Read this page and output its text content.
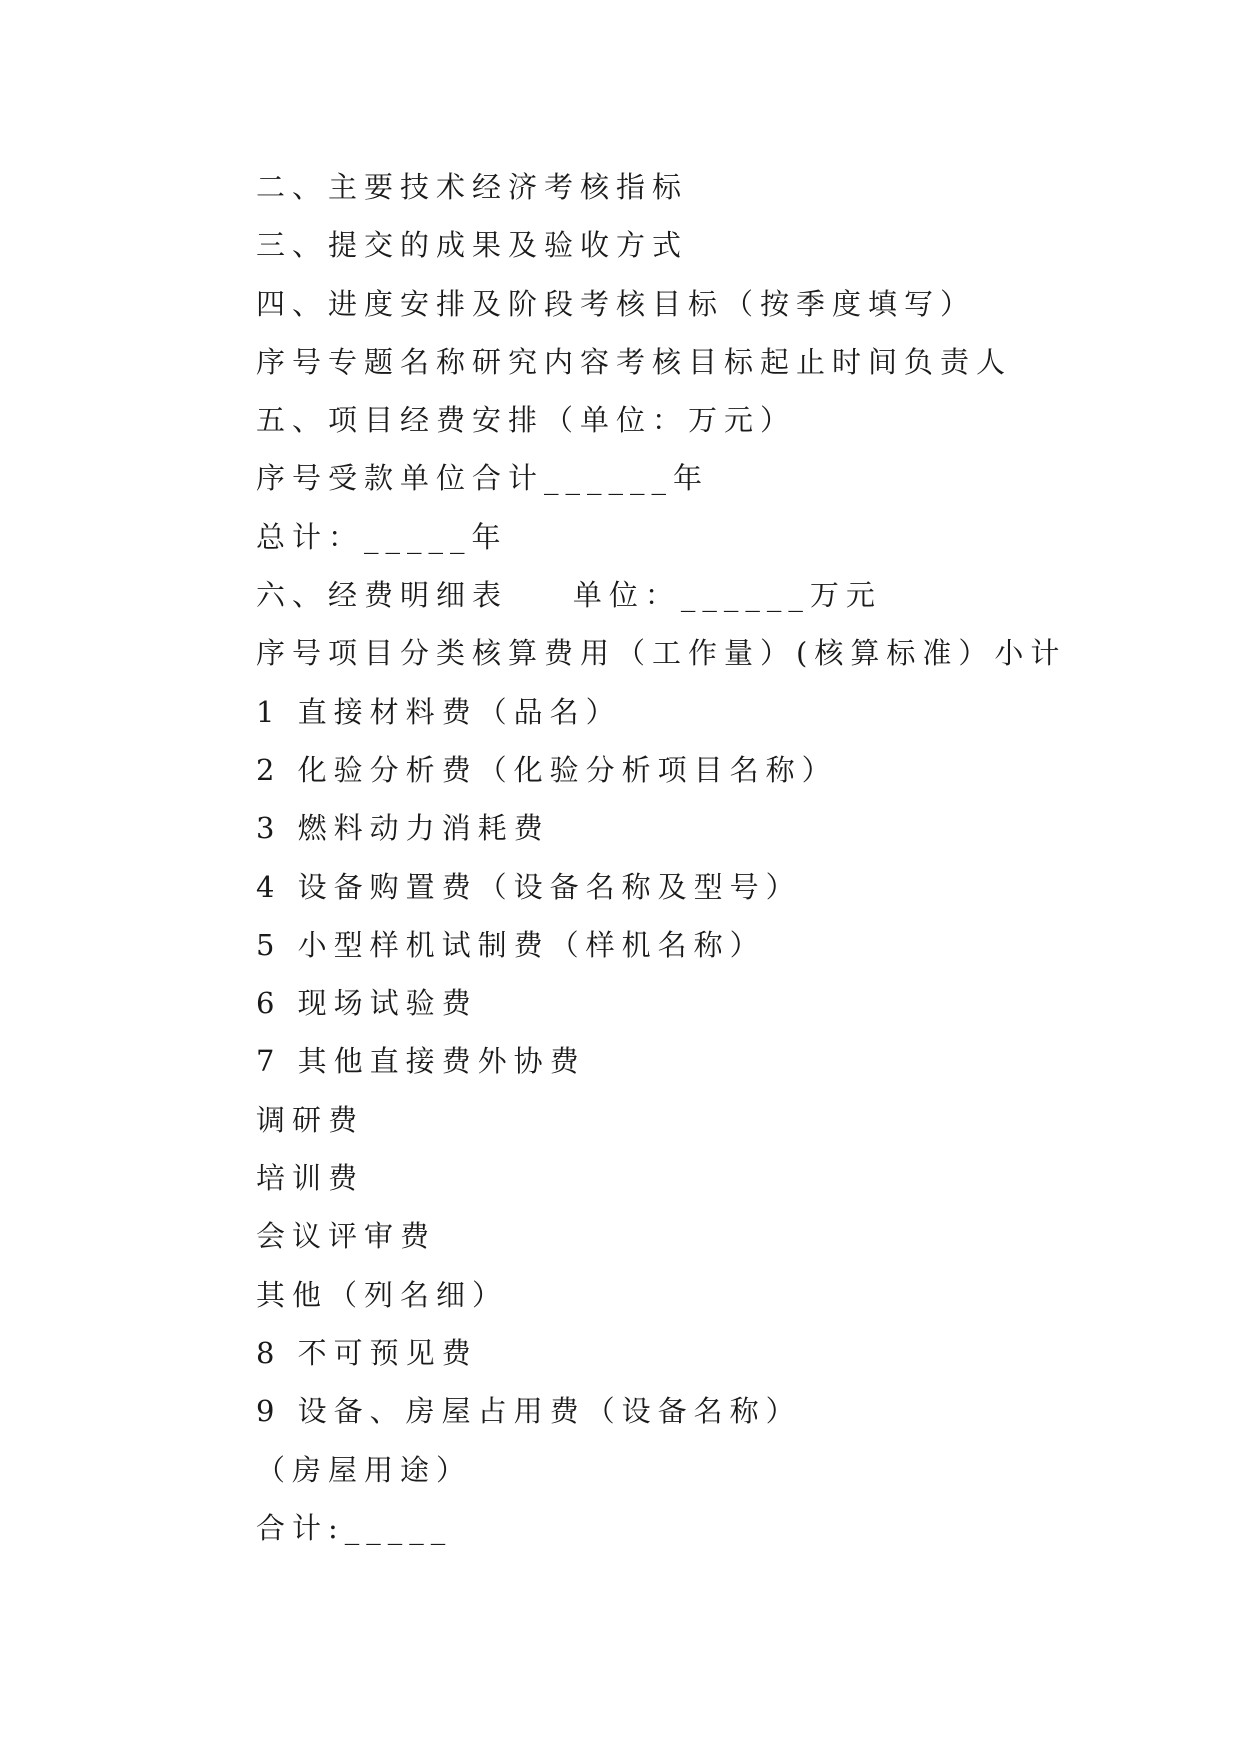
二、主要技术经济考核指标
三、提交的成果及验收方式
四、进度安排及阶段考核目标（按季度填写）
序号专题名称研究内容考核目标起止时间负责人
五、项目经费安排（单位：万元）
序号受款单位合计______年
总计：_____年
六、经费明细表    单位：______万元
序号项目分类核算费用（工作量）(核算标准）小计
1 直接材料费（品名）
2 化验分析费（化验分析项目名称）
3 燃料动力消耗费
4 设备购置费（设备名称及型号）
5 小型样机试制费（样机名称）
6 现场试验费
7 其他直接费外协费
调研费
培训费
会议评审费
其他（列名细）
8 不可预见费
9 设备、房屋占用费（设备名称）
（房屋用途）
合计:_____
